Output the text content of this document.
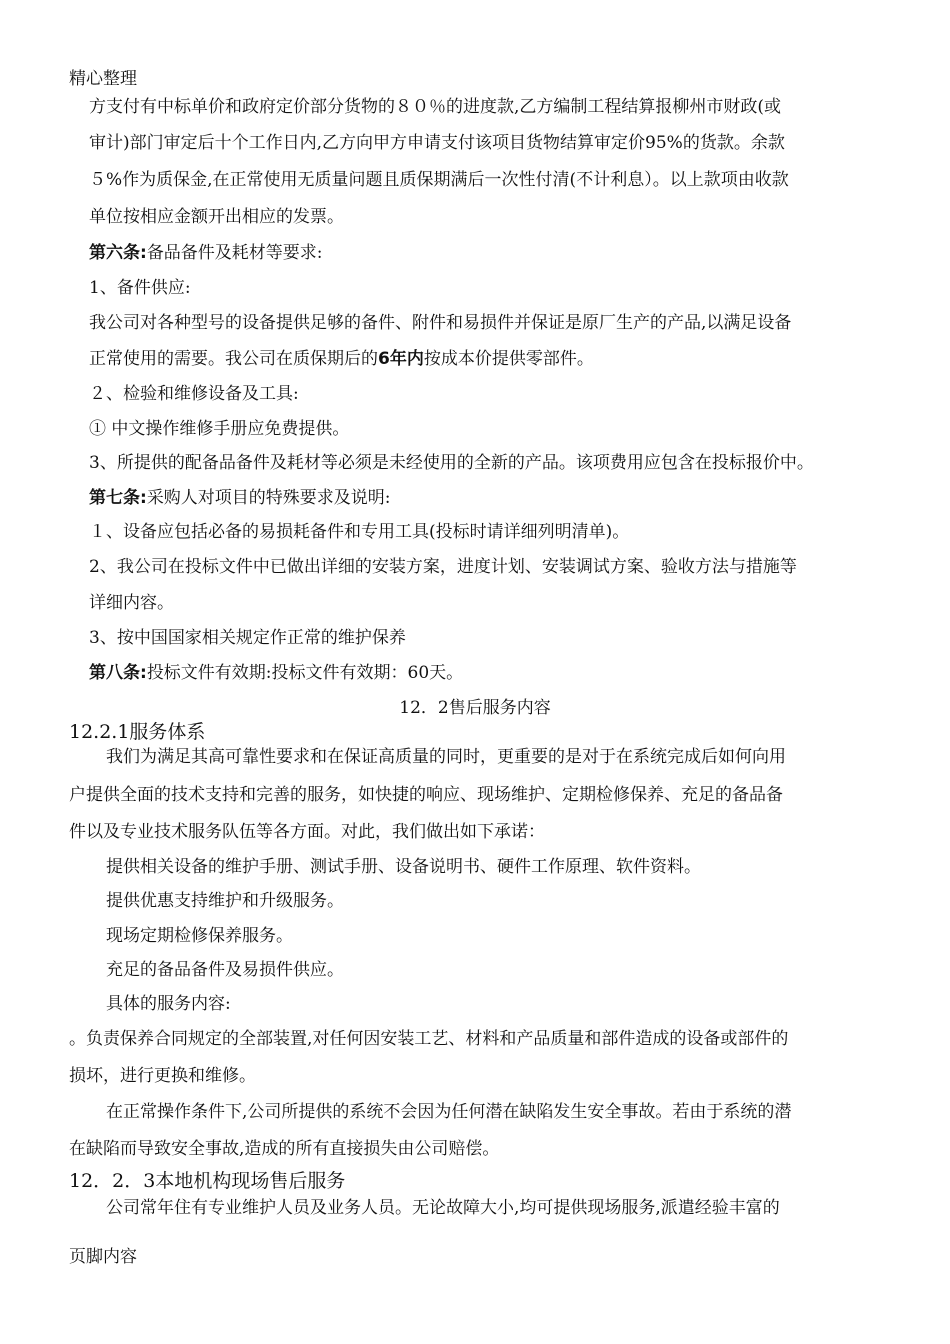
精心整理
方支付有中标单价和政府定价部分货物的８０％的进度款,乙方编制工程结算报柳州市财政(或
审计)部门审定后十个工作日内,乙方向甲方申请支付该项目货物结算审定价95%的货款。余款
５%作为质保金,在正常使用无质量问题且质保期满后一次性付清(不计利息）。以上款项由收款
单位按相应金额开出相应的发票。
第六条:备品备件及耗材等要求:
1、备件供应:
我公司对各种型号的设备提供足够的备件、附件和易损件并保证是原厂生产的产品,以满足设备
正常使用的需要。我公司在质保期后的6年内按成本价提供零部件。
２、检验和维修设备及工具:
① 中文操作维修手册应免费提供。
3、所提供的配备品备件及耗材等必须是未经使用的全新的产品。该项费用应包含在投标报价中。
第七条:采购人对项目的特殊要求及说明:
１、设备应包括必备的易损耗备件和专用工具(投标时请详细列明清单)。
2、我公司在投标文件中已做出详细的安装方案，进度计划、安装调试方案、验收方法与措施等
详细内容。
3、按中国国家相关规定作正常的维护保养
第八条:投标文件有效期:投标文件有效期：60天。
12．2售后服务内容
12.2.1服务体系
我们为满足其高可靠性要求和在保证高质量的同时，更重要的是对于在系统完成后如何向用
户提供全面的技术支持和完善的服务，如快捷的响应、现场维护、定期检修保养、充足的备品备
件以及专业技术服务队伍等各方面。对此，我们做出如下承诺：
提供相关设备的维护手册、测试手册、设备说明书、硬件工作原理、软件资料。
提供优惠支持维护和升级服务。
现场定期检修保养服务。
充足的备品备件及易损件供应。
具体的服务内容:
。负责保养合同规定的全部装置,对任何因安装工艺、材料和产品质量和部件造成的设备或部件的
损坏，进行更换和维修。
在正常操作条件下,公司所提供的系统不会因为任何潜在缺陷发生安全事故。若由于系统的潜
在缺陷而导致安全事故,造成的所有直接损失由公司赔偿。
12．2．3本地机构现场售后服务
公司常年住有专业维护人员及业务人员。无论故障大小,均可提供现场服务,派遣经验丰富的
页脚内容
